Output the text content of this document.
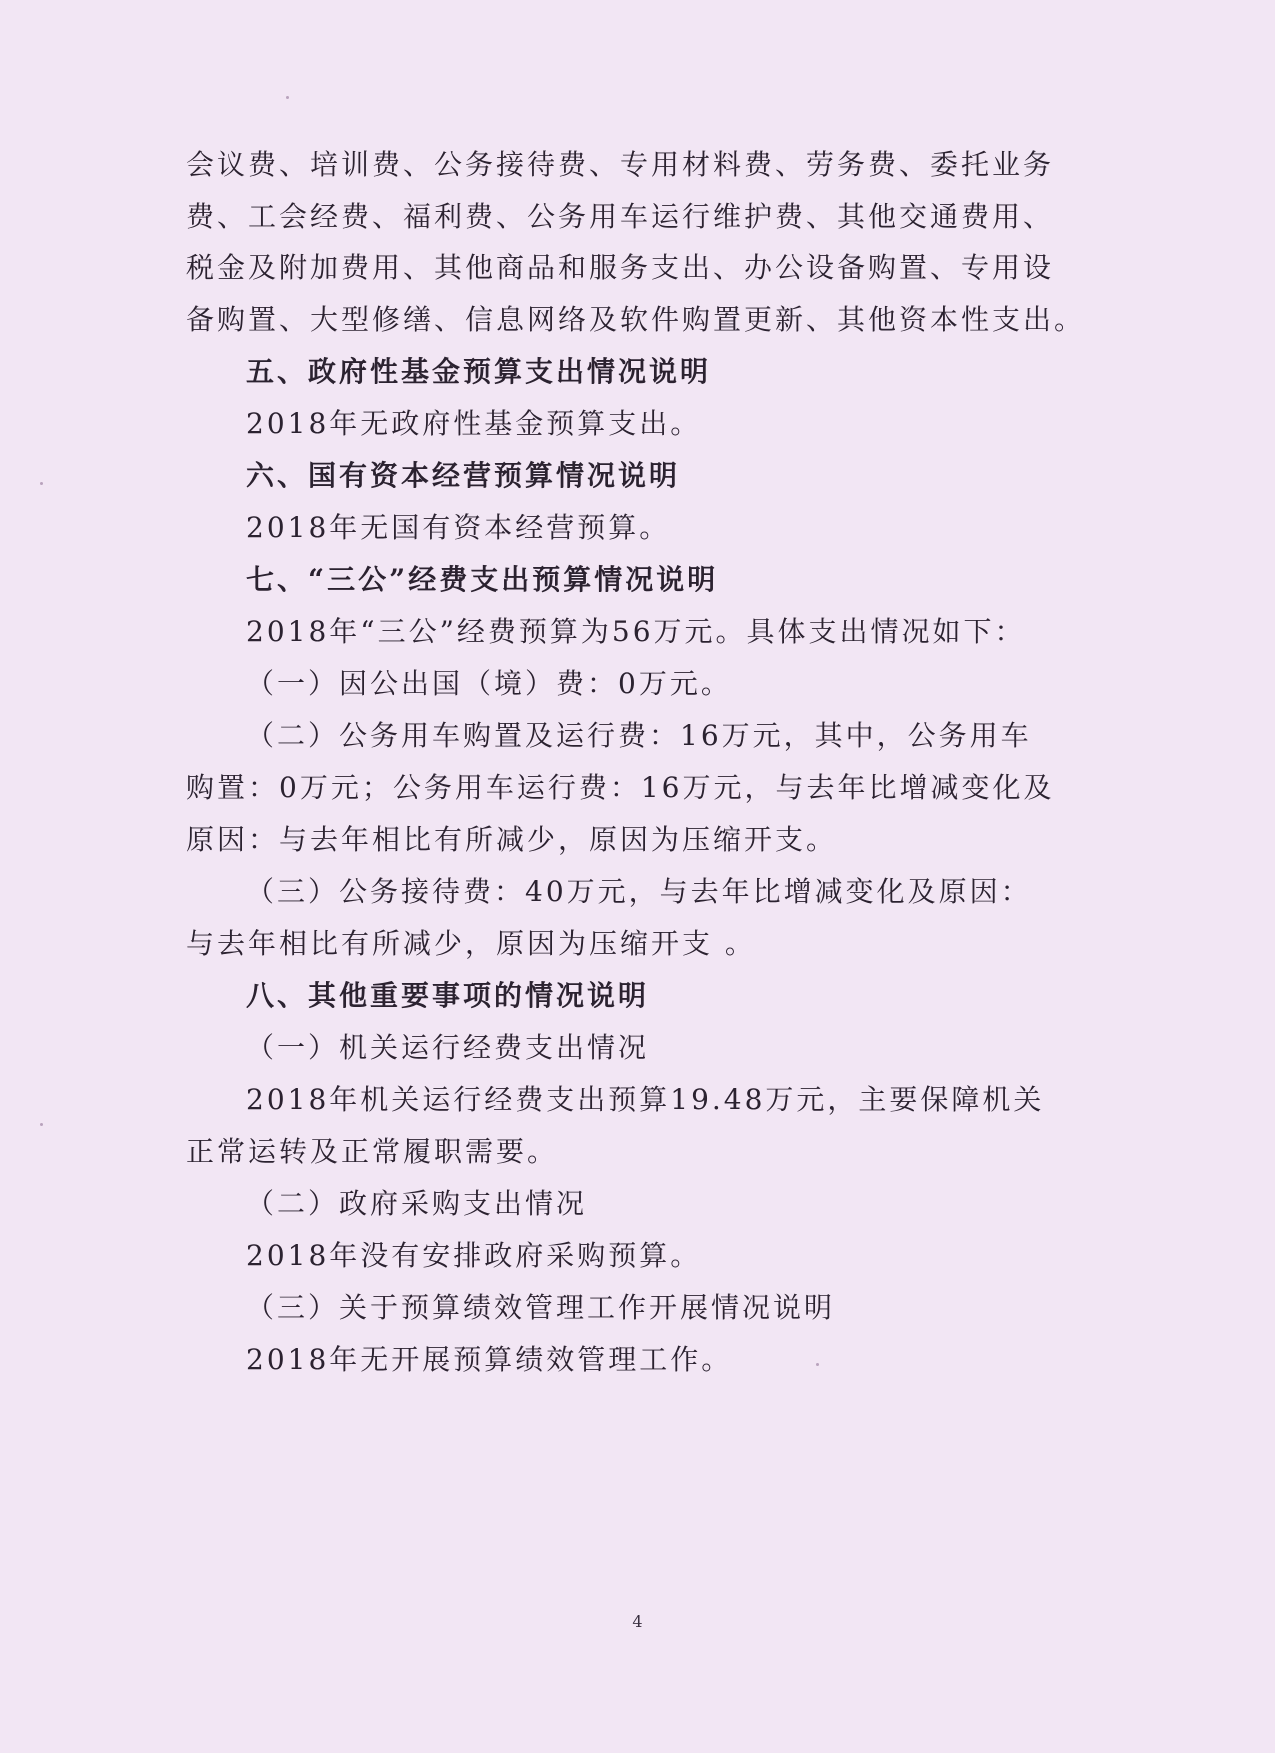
会议费、培训费、公务接待费、专用材料费、劳务费、委托业务
费、工会经费、福利费、公务用车运行维护费、其他交通费用、
税金及附加费用、其他商品和服务支出、办公设备购置、专用设
备购置、大型修缮、信息网络及软件购置更新、其他资本性支出。
五、政府性基金预算支出情况说明
2018年无政府性基金预算支出。
六、国有资本经营预算情况说明
2018年无国有资本经营预算。
七、“三公”经费支出预算情况说明
2018年“三公”经费预算为56万元。具体支出情况如下：
（一）因公出国（境）费：0万元。
（二）公务用车购置及运行费：16万元，其中，公务用车
购置：0万元；公务用车运行费：16万元，与去年比增减变化及
原因：与去年相比有所减少，原因为压缩开支。
（三）公务接待费：40万元，与去年比增减变化及原因：
与去年相比有所减少，原因为压缩开支 。
八、其他重要事项的情况说明
（一）机关运行经费支出情况
2018年机关运行经费支出预算19.48万元，主要保障机关
正常运转及正常履职需要。
（二）政府采购支出情况
2018年没有安排政府采购预算。
（三）关于预算绩效管理工作开展情况说明
2018年无开展预算绩效管理工作。
4
